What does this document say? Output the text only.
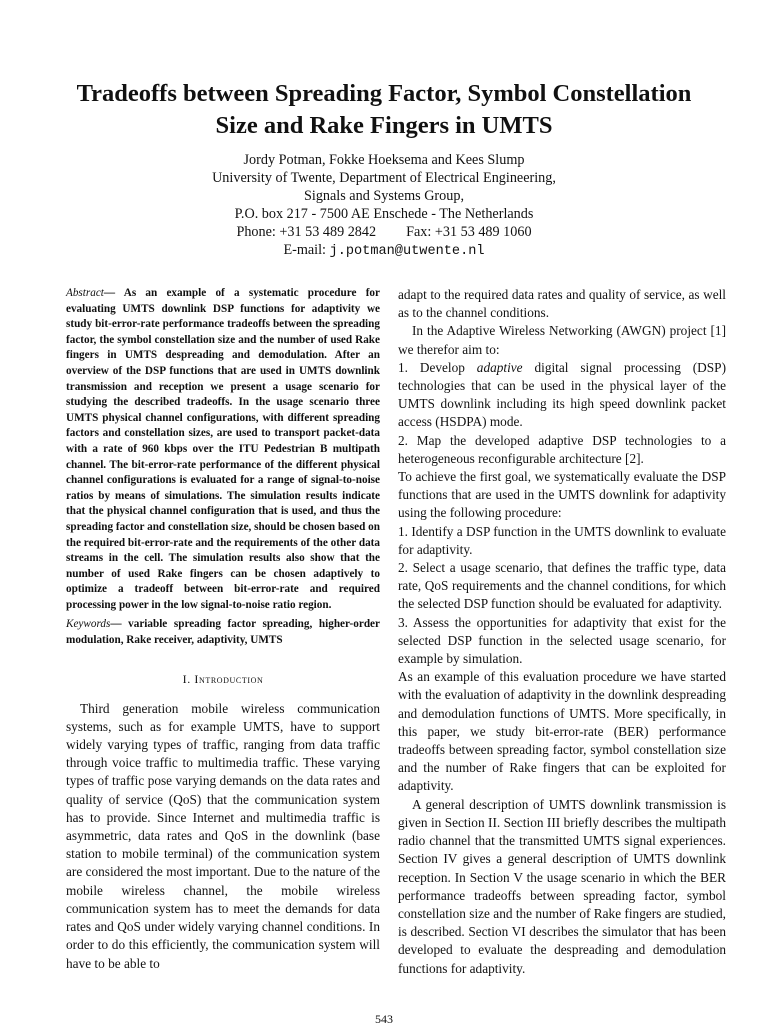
Tradeoffs between Spreading Factor, Symbol Constellation
Size and Rake Fingers in UMTS
Jordy Potman, Fokke Hoeksema and Kees Slump
University of Twente, Department of Electrical Engineering,
Signals and Systems Group,
P.O. box 217 - 7500 AE Enschede - The Netherlands
Phone: +31 53 489 2842 Fax: +31 53 489 1060
E-mail: j.potman@utwente.nl

Abstract— As an example of a systematic procedure for evaluating UMTS downlink DSP functions for adaptivity we study bit-error-rate performance tradeoffs between the spreading factor, the symbol constellation size and the number of used Rake fingers in UMTS despreading and demodulation. After an overview of the DSP functions that are used in UMTS downlink transmission and reception we present a usage scenario for studying the described tradeoffs. In the usage scenario three UMTS physical channel configurations, with different spreading factors and constellation sizes, are used to transport packet-data with a rate of 960 kbps over the ITU Pedestrian B multipath channel. The bit-error-rate performance of the different physical channel configurations is evaluated for a range of signal-to-noise ratios by means of simulations. The simulation results indicate that the physical channel configuration that is used, and thus the spreading factor and constellation size, should be chosen based on the required bit-error-rate and the requirements of the other data streams in the cell. The simulation results also show that the number of used Rake fingers can be chosen adaptively to optimize a tradeoff between bit-error-rate and required processing power in the low signal-to-noise ratio region.

Keywords— variable spreading factor spreading, higher-order modulation, Rake receiver, adaptivity, UMTS

I. Introduction

Third generation mobile wireless communication systems, such as for example UMTS, have to support widely varying types of traffic, ranging from data traffic through voice traffic to multimedia traffic. These varying types of traffic pose varying demands on the data rates and quality of service (QoS) that the communication system has to provide. Since Internet and multimedia traffic is asymmetric, data rates and QoS in the downlink (base station to mobile terminal) of the communication system are considered the most important. Due to the nature of the mobile wireless channel, the mobile wireless communication system has to meet the demands for data rates and QoS under widely varying channel conditions. In order to do this efficiently, the communication system will have to be able to

adapt to the required data rates and quality of service, as well as to the channel conditions.

In the Adaptive Wireless Networking (AWGN) project [1] we therefor aim to:

1. Develop adaptive digital signal processing (DSP) technologies that can be used in the physical layer of the UMTS downlink including its high speed downlink packet access (HSDPA) mode.

2. Map the developed adaptive DSP technologies to a heterogeneous reconfigurable architecture [2].

To achieve the first goal, we systematically evaluate the DSP functions that are used in the UMTS downlink for adaptivity using the following procedure:

1. Identify a DSP function in the UMTS downlink to evaluate for adaptivity.

2. Select a usage scenario, that defines the traffic type, data rate, QoS requirements and the channel conditions, for which the selected DSP function should be evaluated for adaptivity.

3. Assess the opportunities for adaptivity that exist for the selected DSP function in the selected usage scenario, for example by simulation.

As an example of this evaluation procedure we have started with the evaluation of adaptivity in the downlink despreading and demodulation functions of UMTS. More specifically, in this paper, we study bit-error-rate (BER) performance tradeoffs between spreading factor, symbol constellation size and the number of Rake fingers that can be exploited for adaptivity.

A general description of UMTS downlink transmission is given in Section II. Section III briefly describes the multipath radio channel that the transmitted UMTS signal experiences. Section IV gives a general description of UMTS downlink reception. In Section V the usage scenario in which the BER performance tradeoffs between spreading factor, symbol constellation size and the number of Rake fingers are studied, is described. Section VI describes the simulator that has been developed to evaluate the despreading and demodulation functions for adaptivity.

543
